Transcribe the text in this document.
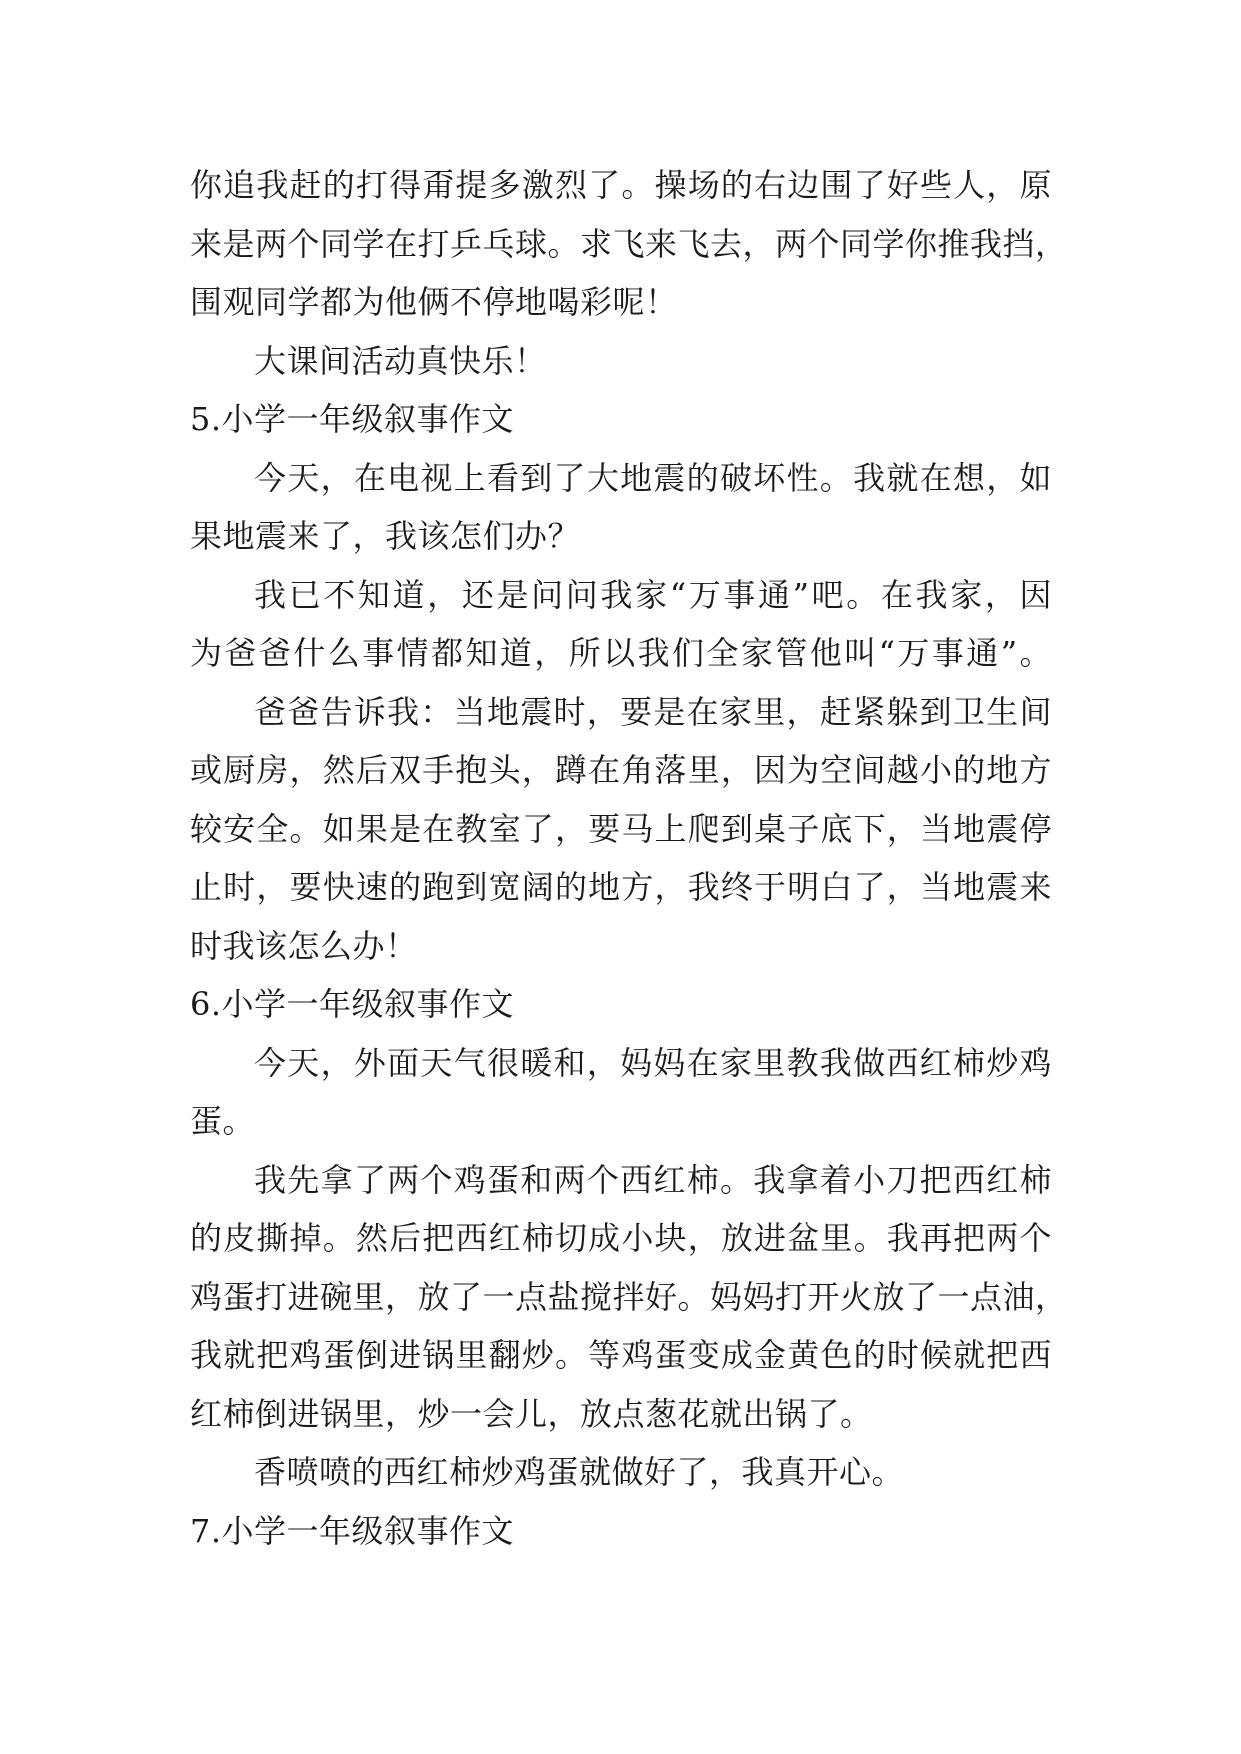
你追我赶的打得甭提多激烈了。操场的右边围了好些人，原
来是两个同学在打乒乓球。求飞来飞去，两个同学你推我挡，
围观同学都为他俩不停地喝彩呢！
大课间活动真快乐！
5.小学一年级叙事作文
今天，在电视上看到了大地震的破坏性。我就在想，如
果地震来了，我该怎们办？
我已不知道，还是问问我家“万事通”吧。在我家，因
为爸爸什么事情都知道，所以我们全家管他叫“万事通”。
爸爸告诉我：当地震时，要是在家里，赶紧躲到卫生间
或厨房，然后双手抱头，蹲在角落里，因为空间越小的地方
较安全。如果是在教室了，要马上爬到桌子底下，当地震停
止时，要快速的跑到宽阔的地方，我终于明白了，当地震来
时我该怎么办！
6.小学一年级叙事作文
今天，外面天气很暖和，妈妈在家里教我做西红柿炒鸡
蛋。
我先拿了两个鸡蛋和两个西红柿。我拿着小刀把西红柿
的皮撕掉。然后把西红柿切成小块，放进盆里。我再把两个
鸡蛋打进碗里，放了一点盐搅拌好。妈妈打开火放了一点油，
我就把鸡蛋倒进锅里翻炒。等鸡蛋变成金黄色的时候就把西
红柿倒进锅里，炒一会儿，放点葱花就出锅了。
香喷喷的西红柿炒鸡蛋就做好了，我真开心。
7.小学一年级叙事作文
